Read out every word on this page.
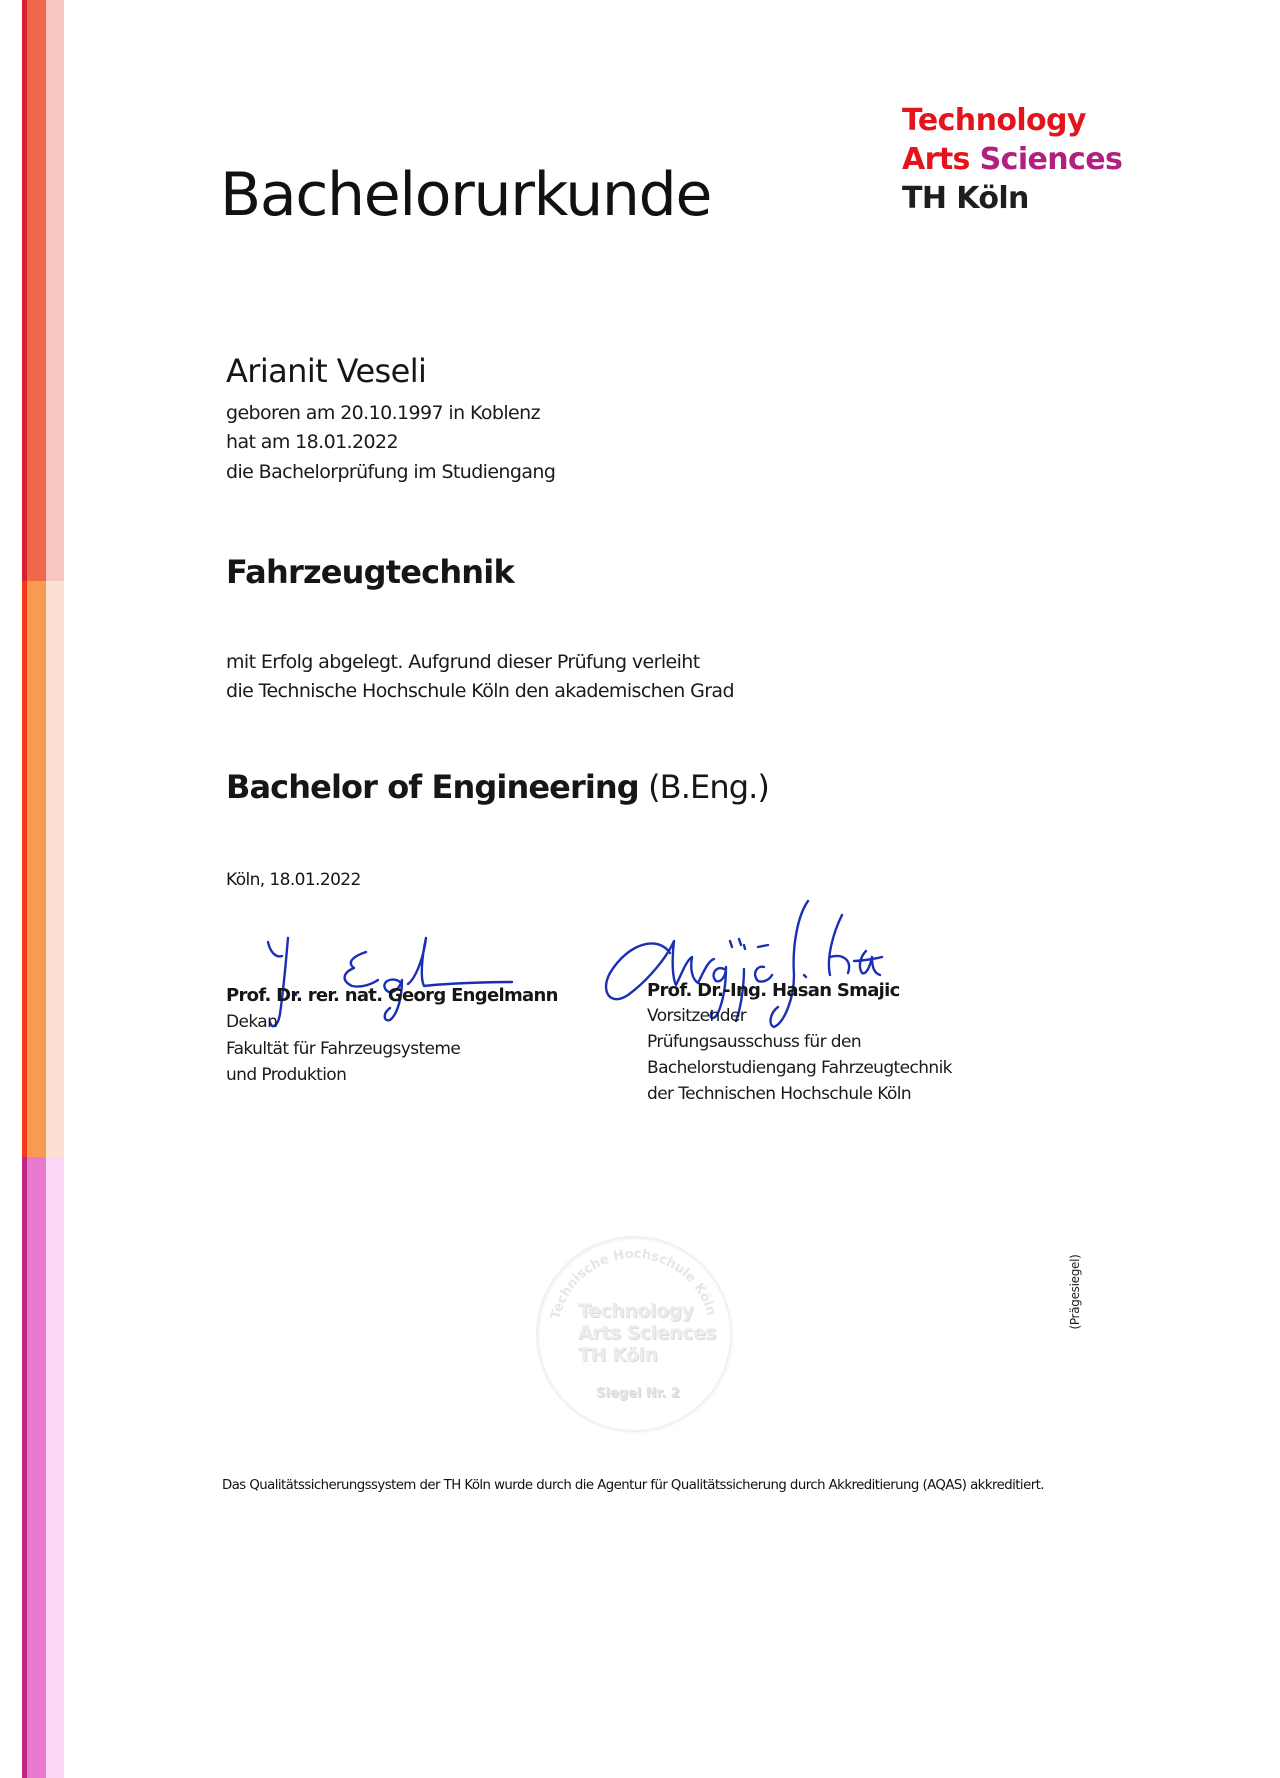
Technology
Arts Sciences
TH Köln
Bachelorurkunde
Arianit Veseli
geboren am 20.10.1997 in Koblenz
hat am 18.01.2022
die Bachelorprüfung im Studiengang
Fahrzeugtechnik
mit Erfolg abgelegt. Aufgrund dieser Prüfung verleiht
die Technische Hochschule Köln den akademischen Grad
Bachelor of Engineering (B.Eng.)
Köln, 18.01.2022
Prof. Dr. rer. nat. Georg Engelmann
Dekan
Fakultät für Fahrzeugsysteme
und Produktion
Prof. Dr.-Ing. Hasan Smajic
Vorsitzender
Prüfungsausschuss für den
Bachelorstudiengang Fahrzeugtechnik
der Technischen Hochschule Köln
Technische Hochschule Köln
Technology
Arts Sciences
TH Köln
Siegel Nr. 2
(Prägesiegel)
Das Qualitätssicherungssystem der TH Köln wurde durch die Agentur für Qualitätssicherung durch Akkreditierung (AQAS) akkreditiert.
